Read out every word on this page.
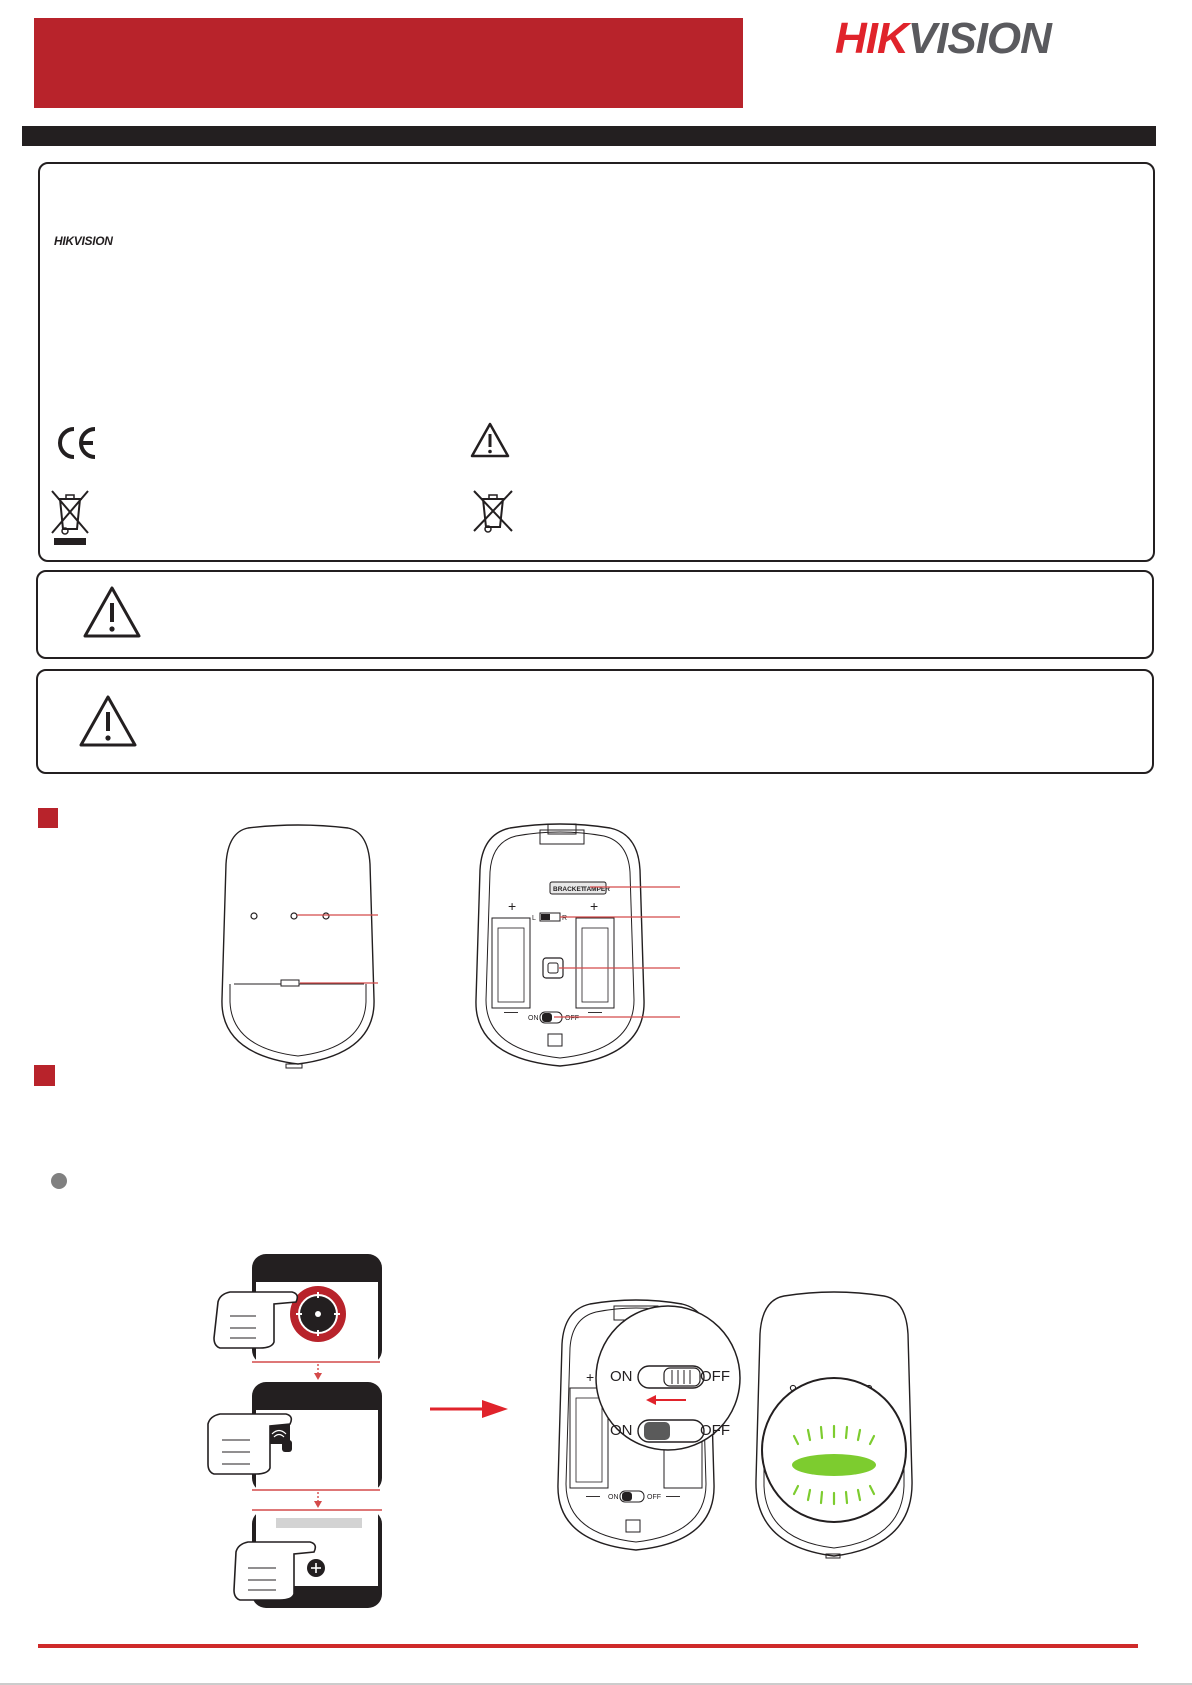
HIKVISION
HIKVISION
BRACKET
TAMPER
+	+
L	R
—	—
ON	OFF
+
—	—
ON	OFF
ON	OFF
ON	OFF
